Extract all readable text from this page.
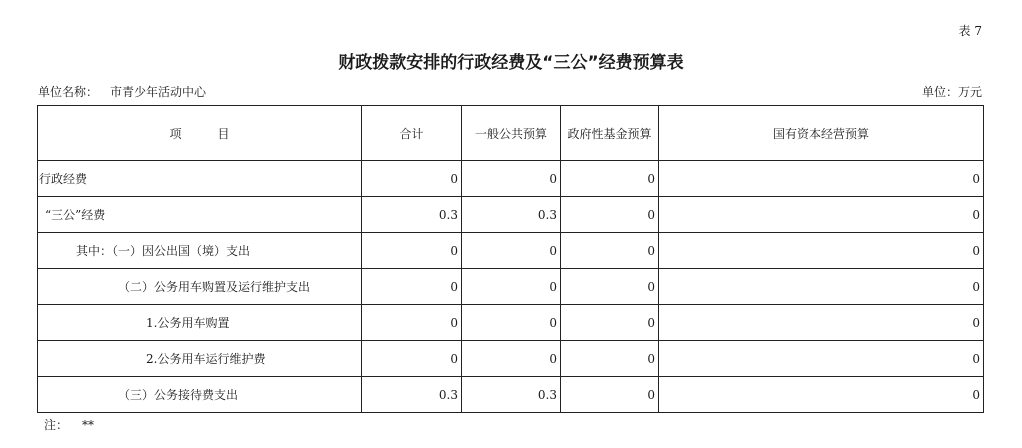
表 7
财政拨款安排的行政经费及“三公”经费预算表
单位名称： 市青少年活动中心	单位：万元
项　　　目	合计	一般公共预算	政府性基金预算	国有资本经营预算
行政经费	0	0	0	0
“三公”经费	0.3	0.3	0	0
其中：（一）因公出国（境）支出	0	0	0	0
（二）公务用车购置及运行维护支出	0	0	0	0
1.公务用车购置	0	0	0	0
2.公务用车运行维护费	0	0	0	0
（三）公务接待费支出	0.3	0.3	0	0
注： **
